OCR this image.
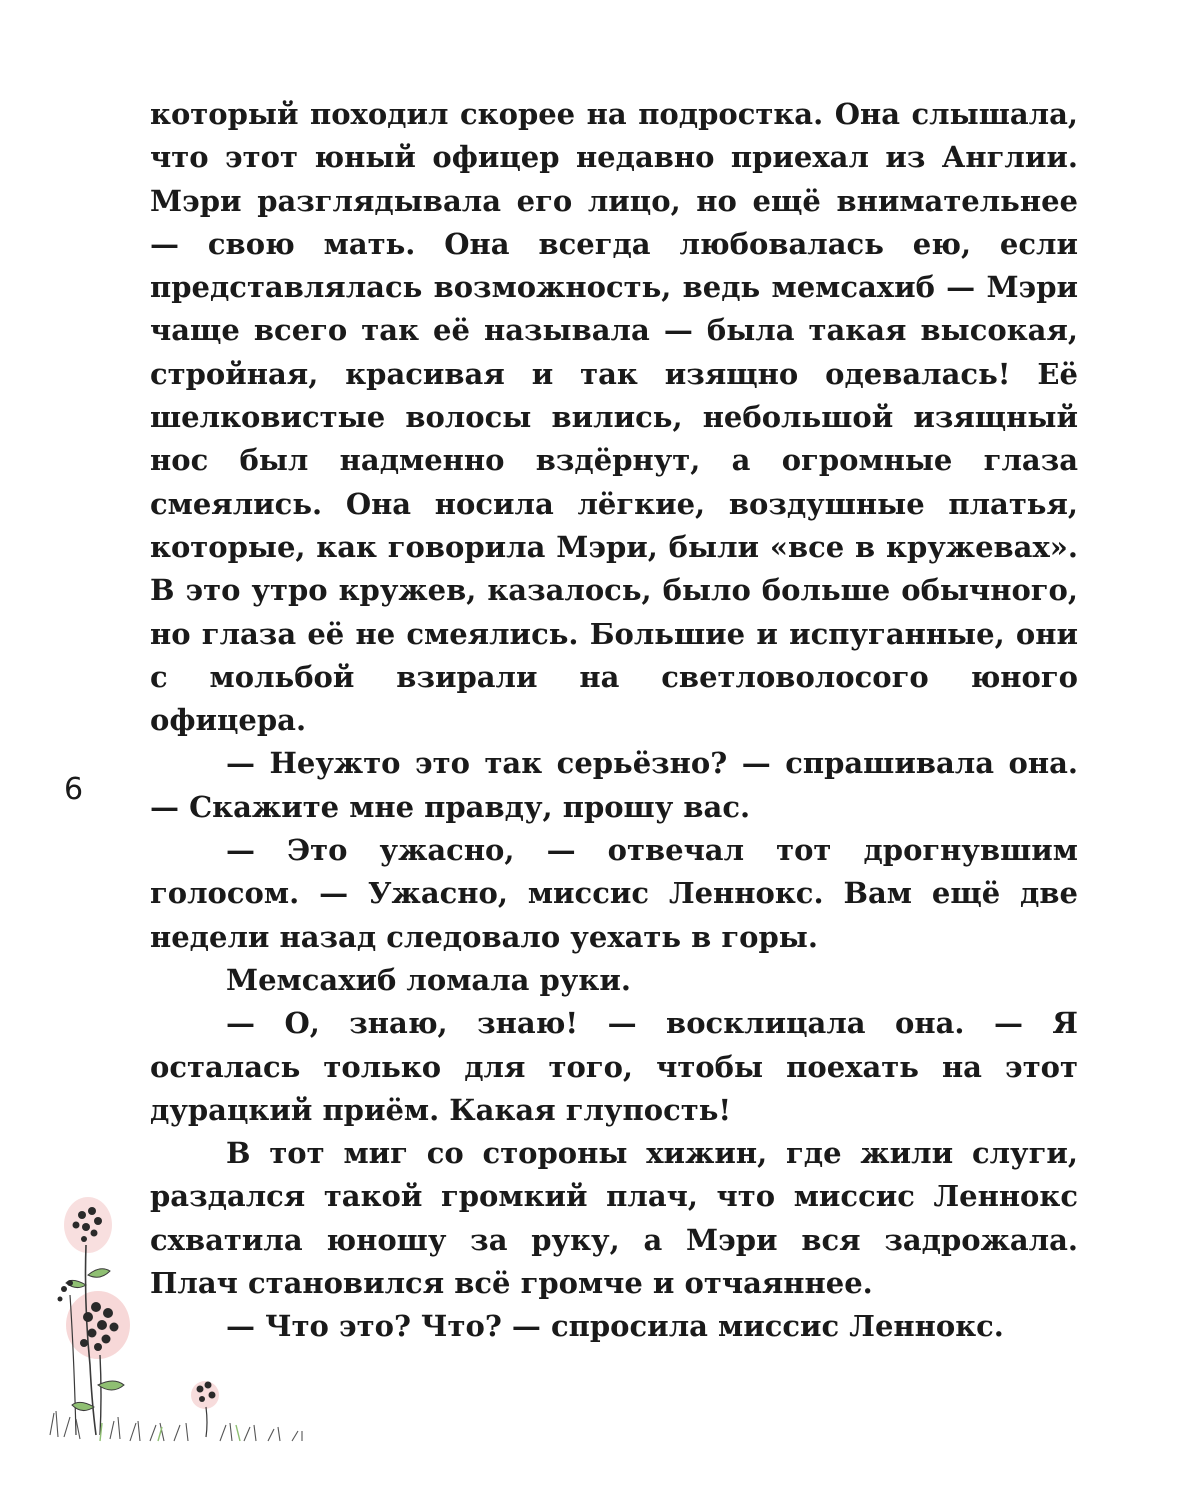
который походил скорее на подростка. Она слышала, что этот юный офицер недавно приехал из Англии. Мэри разглядывала его лицо, но ещё внимательнее — свою мать. Она всегда любовалась ею, если представлялась возможность, ведь мемсахиб — Мэри чаще всего так её называла — была такая высокая, стройная, красивая и так изящно одевалась! Её шелковистые волосы вились, небольшой изящный нос был надменно вздёрнут, а огромные глаза смеялись. Она носила лёгкие, воздушные платья, которые, как говорила Мэри, были «все в кружевах». В это утро кружев, казалось, было больше обычного, но глаза её не смеялись. Большие и испуганные, они с мольбой взирали на светловолосого юного офицера.

— Неужто это так серьёзно? — спрашивала она. — Скажите мне правду, прошу вас.

— Это ужасно, — отвечал тот дрогнувшим голосом. — Ужасно, миссис Леннокс. Вам ещё две недели назад следовало уехать в горы.

Мемсахиб ломала руки.

— О, знаю, знаю! — восклицала она. — Я осталась только для того, чтобы поехать на этот дурацкий приём. Какая глупость!

В тот миг со стороны хижин, где жили слуги, раздался такой громкий плач, что миссис Леннокс схватила юношу за руку, а Мэри вся задрожала. Плач становился всё громче и отчаяннее.

— Что это? Что? — спросила миссис Леннокс.

6
